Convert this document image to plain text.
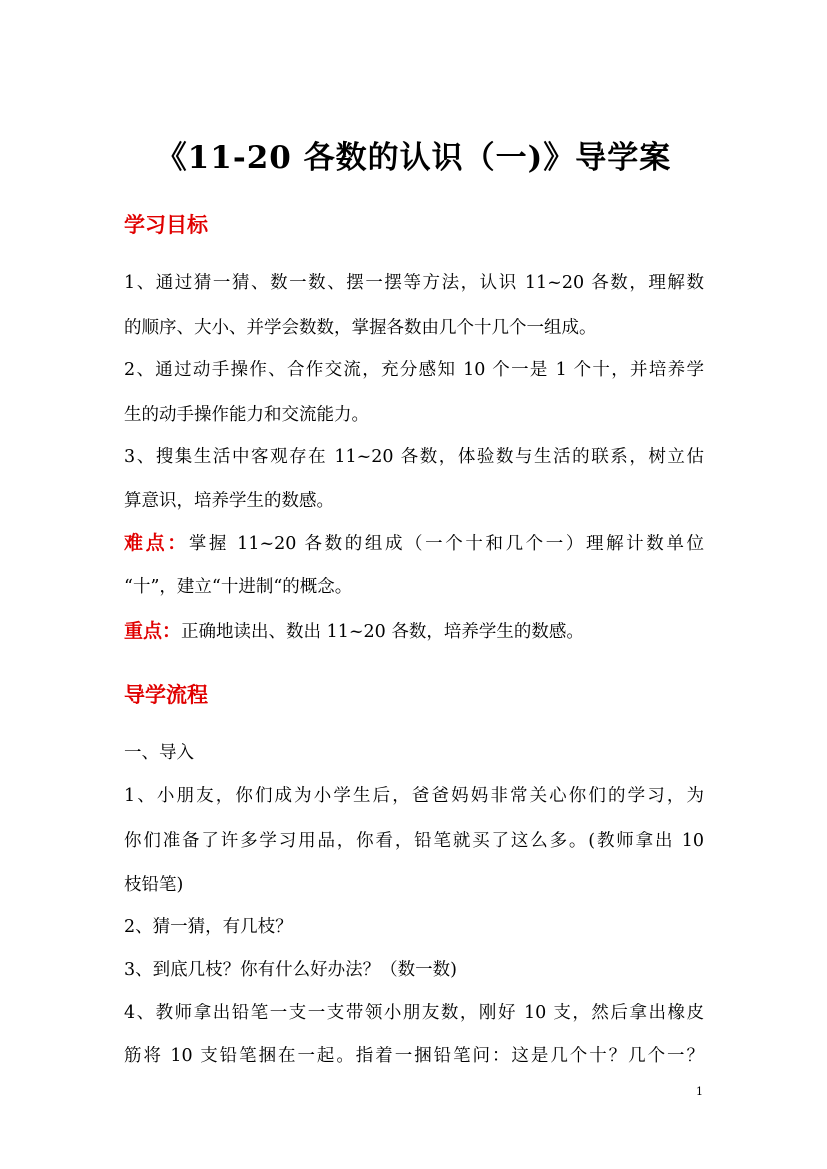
《11-20 各数的认识（一)》导学案
学习目标
1、通过猜一猜、数一数、摆一摆等方法，认识 11~20 各数，理解数
的顺序、大小、并学会数数，掌握各数由几个十几个一组成。
2、通过动手操作、合作交流，充分感知 10 个一是 1 个十，并培养学
生的动手操作能力和交流能力。
3、搜集生活中客观存在 11~20 各数，体验数与生活的联系，树立估
算意识，培养学生的数感。
难点：掌握 11~20 各数的组成（一个十和几个一）理解计数单位
“十”，建立“十进制“的概念。
重点：正确地读出、数出 11~20 各数，培养学生的数感。
导学流程
一、导入
1、小朋友，你们成为小学生后，爸爸妈妈非常关心你们的学习，为
你们准备了许多学习用品，你看，铅笔就买了这么多。(教师拿出 10
枝铅笔)
2、猜一猜，有几枝？
3、到底几枝？你有什么好办法？（数一数)
4、教师拿出铅笔一支一支带领小朋友数，刚好 10 支，然后拿出橡皮
筋将 10 支铅笔捆在一起。指着一捆铅笔问：这是几个十？几个一？
1
